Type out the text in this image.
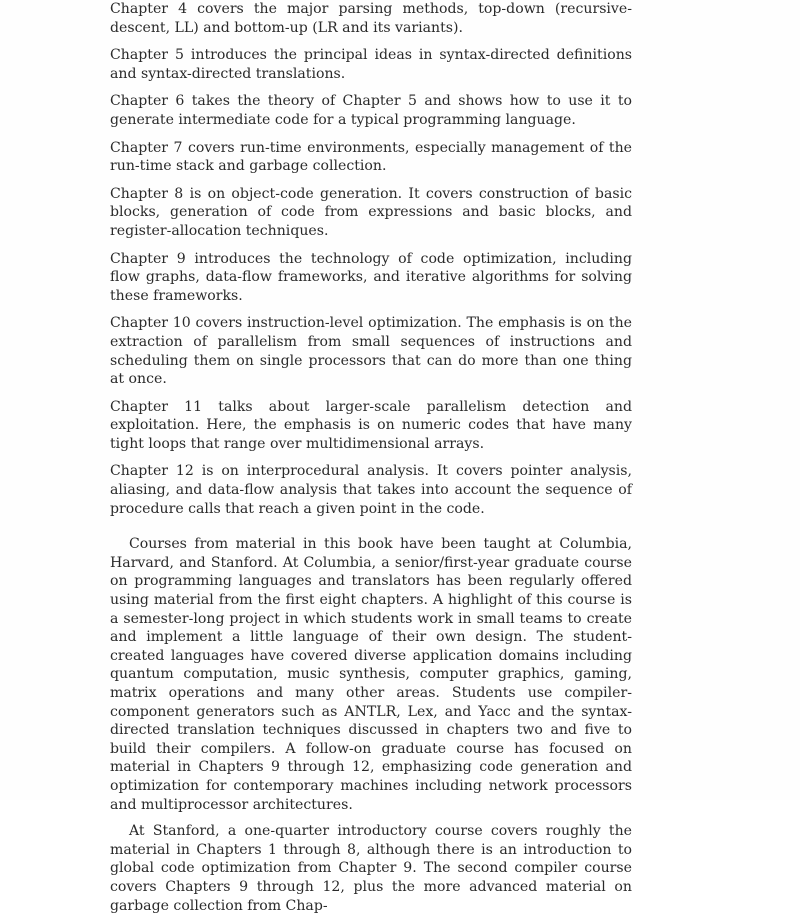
Chapter 4 covers the major parsing methods, top-down (recursive-descent, LL) and bottom-up (LR and its variants).

Chapter 5 introduces the principal ideas in syntax-directed definitions and syntax-directed translations.

Chapter 6 takes the theory of Chapter 5 and shows how to use it to generate intermediate code for a typical programming language.

Chapter 7 covers run-time environments, especially management of the run-time stack and garbage collection.

Chapter 8 is on object-code generation. It covers construction of basic blocks, generation of code from expressions and basic blocks, and register-allocation techniques.

Chapter 9 introduces the technology of code optimization, including flow graphs, data-flow frameworks, and iterative algorithms for solving these frameworks.

Chapter 10 covers instruction-level optimization. The emphasis is on the extraction of parallelism from small sequences of instructions and scheduling them on single processors that can do more than one thing at once.

Chapter 11 talks about larger-scale parallelism detection and exploitation. Here, the emphasis is on numeric codes that have many tight loops that range over multidimensional arrays.

Chapter 12 is on interprocedural analysis. It covers pointer analysis, aliasing, and data-flow analysis that takes into account the sequence of procedure calls that reach a given point in the code.

Courses from material in this book have been taught at Columbia, Harvard, and Stanford. At Columbia, a senior/first-year graduate course on programming languages and translators has been regularly offered using material from the first eight chapters. A highlight of this course is a semester-long project in which students work in small teams to create and implement a little language of their own design. The student-created languages have covered diverse application domains including quantum computation, music synthesis, computer graphics, gaming, matrix operations and many other areas. Students use compiler-component generators such as ANTLR, Lex, and Yacc and the syntax-directed translation techniques discussed in chapters two and five to build their compilers. A follow-on graduate course has focused on material in Chapters 9 through 12, emphasizing code generation and optimization for contemporary machines including network processors and multiprocessor architectures.

At Stanford, a one-quarter introductory course covers roughly the material in Chapters 1 through 8, although there is an introduction to global code optimization from Chapter 9. The second compiler course covers Chapters 9 through 12, plus the more advanced material on garbage collection from Chap-
